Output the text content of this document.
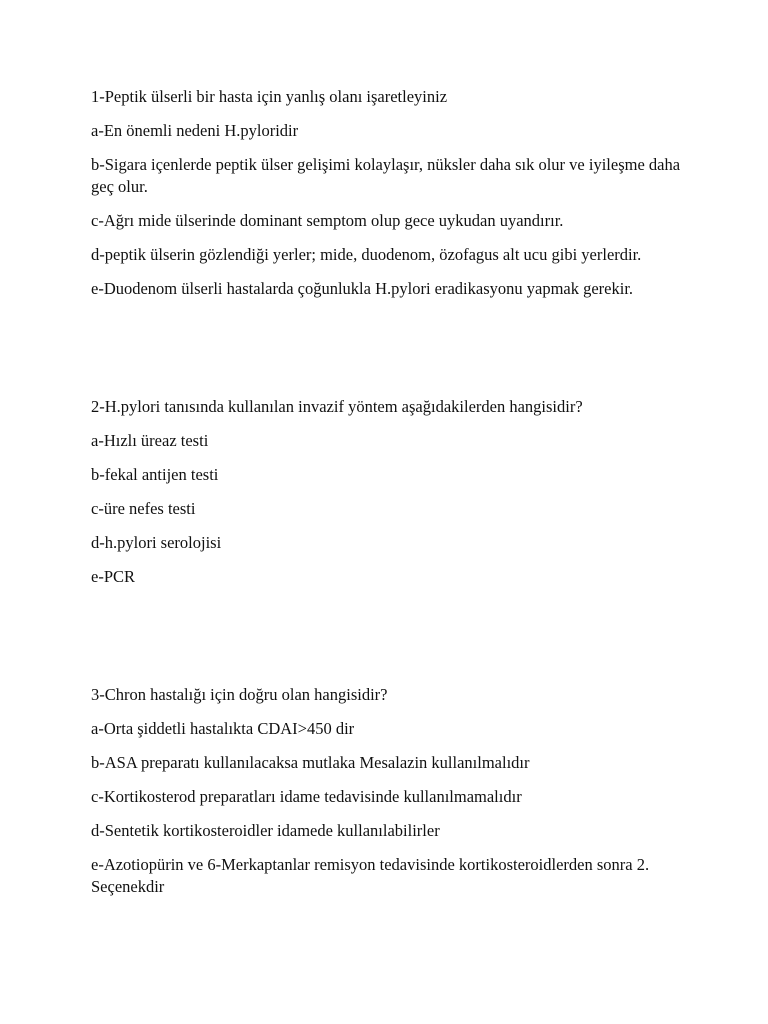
1-Peptik ülserli bir hasta için yanlış olanı işaretleyiniz

a-En önemli nedeni H.pyloridir

b-Sigara içenlerde peptik ülser gelişimi kolaylaşır, nüksler daha sık olur ve iyileşme daha geç olur.

c-Ağrı mide ülserinde dominant semptom olup gece uykudan uyandırır.

d-peptik ülserin gözlendiği yerler; mide, duodenom, özofagus alt ucu gibi yerlerdir.

e-Duodenom ülserli hastalarda çoğunlukla H.pylori eradikasyonu yapmak gerekir.

2-H.pylori tanısında kullanılan invazif yöntem aşağıdakilerden hangisidir?

a-Hızlı üreaz testi

b-fekal antijen testi

c-üre nefes testi

d-h.pylori serolojisi

e-PCR

3-Chron hastalığı için doğru olan hangisidir?

a-Orta şiddetli hastalıkta CDAI>450 dir

b-ASA preparatı kullanılacaksa mutlaka Mesalazin kullanılmalıdır

c-Kortikosterod preparatları idame tedavisinde kullanılmamalıdır

d-Sentetik kortikosteroidler idamede kullanılabilirler

e-Azotiopürin ve 6-Merkaptanlar remisyon tedavisinde kortikosteroidlerden sonra 2. Seçenekdir
